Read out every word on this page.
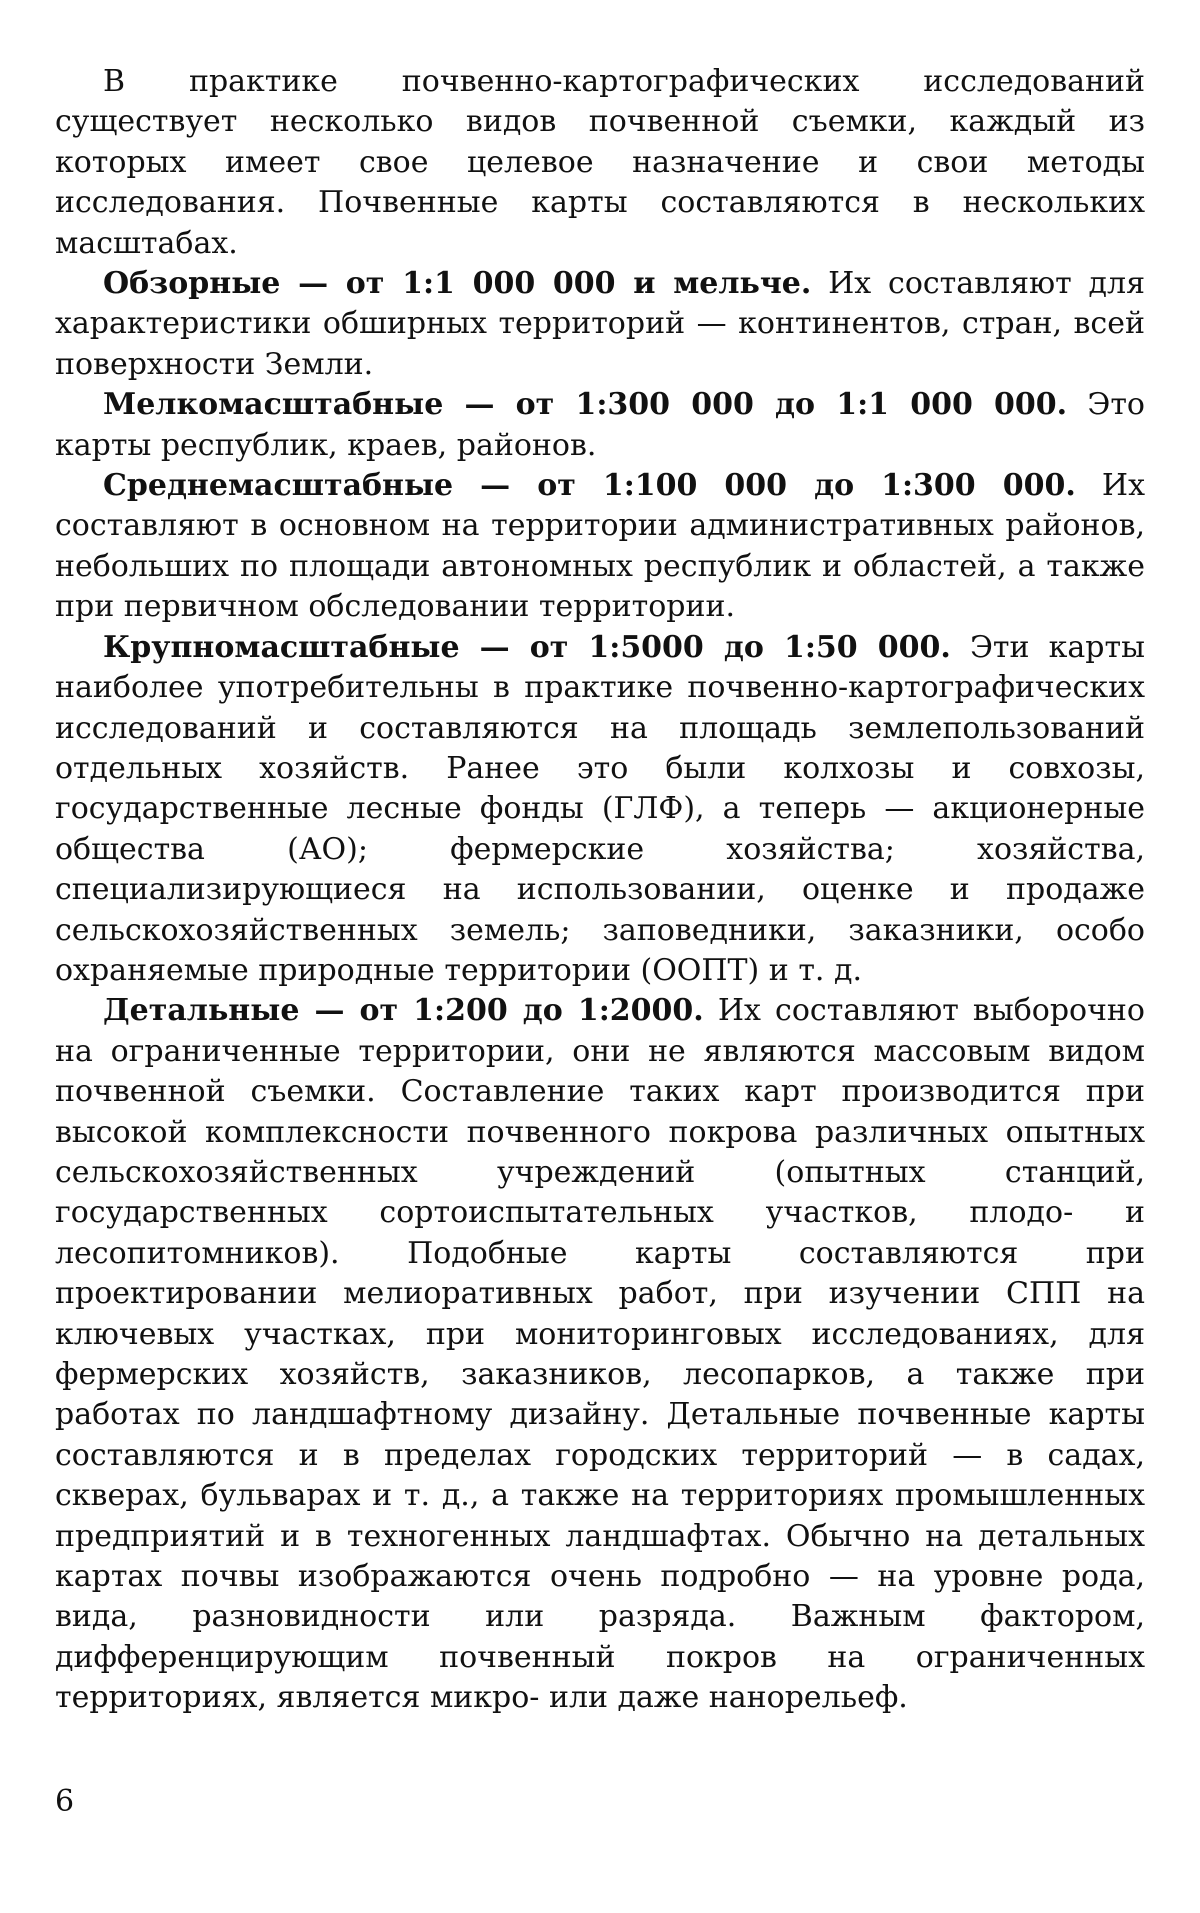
В практике почвенно-картографических исследований существует несколько видов почвенной съемки, каждый из которых имеет свое целевое назначение и свои методы исследования. Почвенные карты составляются в нескольких масштабах.

Обзорные — от 1:1 000 000 и мельче. Их составляют для характеристики обширных территорий — континентов, стран, всей поверхности Земли.

Мелкомасштабные — от 1:300 000 до 1:1 000 000. Это карты республик, краев, районов.

Среднемасштабные — от 1:100 000 до 1:300 000. Их составляют в основном на территории административных районов, небольших по площади автономных республик и областей, а также при первичном обследовании территории.

Крупномасштабные — от 1:5000 до 1:50 000. Эти карты наиболее употребительны в практике почвенно-картографических исследований и составляются на площадь землепользований отдельных хозяйств. Ранее это были колхозы и совхозы, государственные лесные фонды (ГЛФ), а теперь — акционерные общества (АО); фермерские хозяйства; хозяйства, специализирующиеся на использовании, оценке и продаже сельскохозяйственных земель; заповедники, заказники, особо охраняемые природные территории (ООПТ) и т. д.

Детальные — от 1:200 до 1:2000. Их составляют выборочно на ограниченные территории, они не являются массовым видом почвенной съемки. Составление таких карт производится при высокой комплексности почвенного покрова различных опытных сельскохозяйственных учреждений (опытных станций, государственных сортоиспытательных участков, плодо- и лесопитомников). Подобные карты составляются при проектировании мелиоративных работ, при изучении СПП на ключевых участках, при мониторинговых исследованиях, для фермерских хозяйств, заказников, лесопарков, а также при работах по ландшафтному дизайну. Детальные почвенные карты составляются и в пределах городских территорий — в садах, скверах, бульварах и т. д., а также на территориях промышленных предприятий и в техногенных ландшафтах. Обычно на детальных картах почвы изображаются очень подробно — на уровне рода, вида, разновидности или разряда. Важным фактором, дифференцирующим почвенный покров на ограниченных территориях, является микро- или даже нанорельеф.

6
